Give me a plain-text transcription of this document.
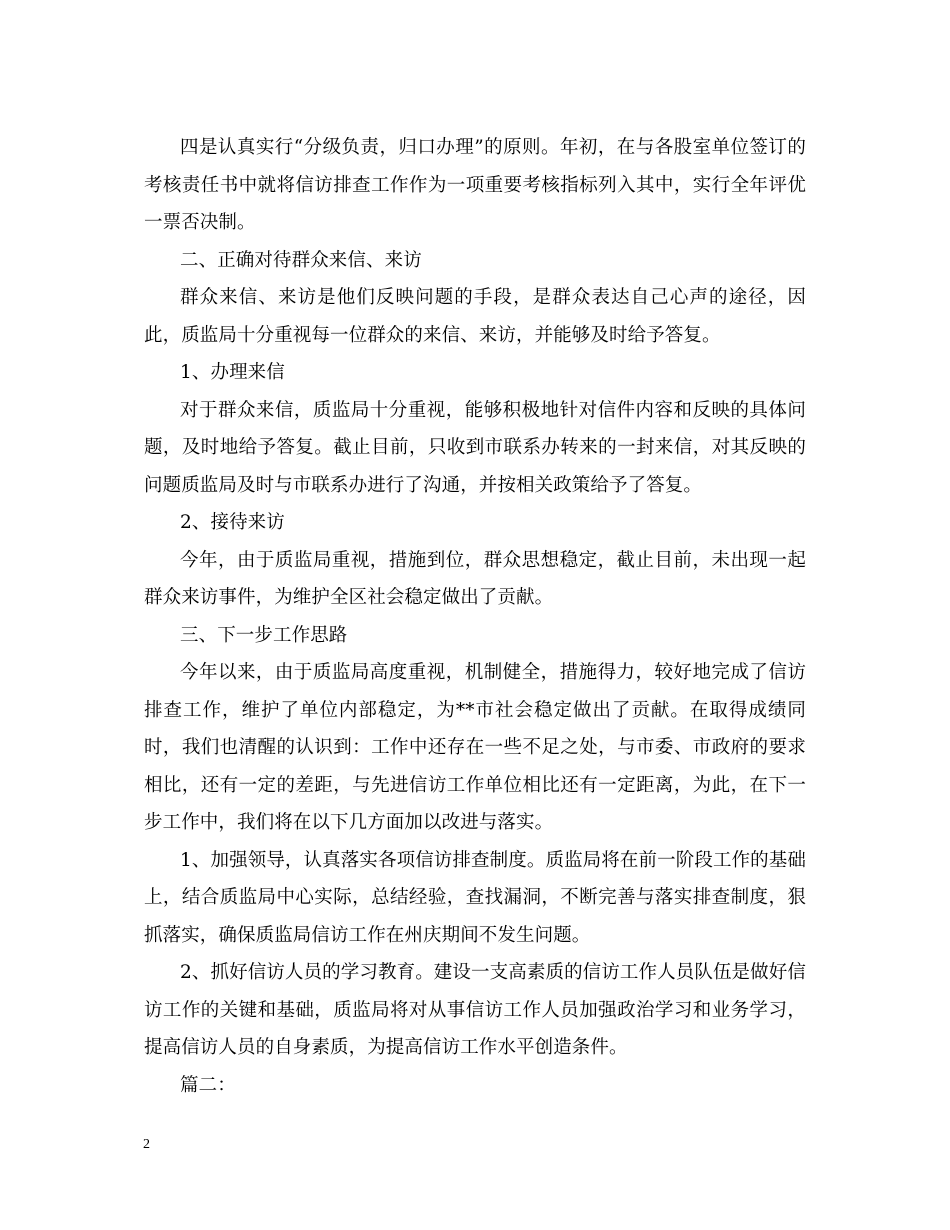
四是认真实行“分级负责，归口办理”的原则。年初，在与各股室单位签订的考核责任书中就将信访排查工作作为一项重要考核指标列入其中，实行全年评优一票否决制。

二、正确对待群众来信、来访

群众来信、来访是他们反映问题的手段，是群众表达自己心声的途径，因此，质监局十分重视每一位群众的来信、来访，并能够及时给予答复。

1、办理来信

对于群众来信，质监局十分重视，能够积极地针对信件内容和反映的具体问题，及时地给予答复。截止目前，只收到市联系办转来的一封来信，对其反映的问题质监局及时与市联系办进行了沟通，并按相关政策给予了答复。

2、接待来访

今年，由于质监局重视，措施到位，群众思想稳定，截止目前，未出现一起群众来访事件，为维护全区社会稳定做出了贡献。

三、下一步工作思路

今年以来，由于质监局高度重视，机制健全，措施得力，较好地完成了信访排查工作，维护了单位内部稳定，为**市社会稳定做出了贡献。在取得成绩同时，我们也清醒的认识到：工作中还存在一些不足之处，与市委、市政府的要求相比，还有一定的差距，与先进信访工作单位相比还有一定距离，为此，在下一步工作中，我们将在以下几方面加以改进与落实。

1、加强领导，认真落实各项信访排查制度。质监局将在前一阶段工作的基础上，结合质监局中心实际，总结经验，查找漏洞，不断完善与落实排查制度，狠抓落实，确保质监局信访工作在州庆期间不发生问题。

2、抓好信访人员的学习教育。建设一支高素质的信访工作人员队伍是做好信访工作的关键和基础，质监局将对从事信访工作人员加强政治学习和业务学习，提高信访人员的自身素质，为提高信访工作水平创造条件。

篇二：

2
